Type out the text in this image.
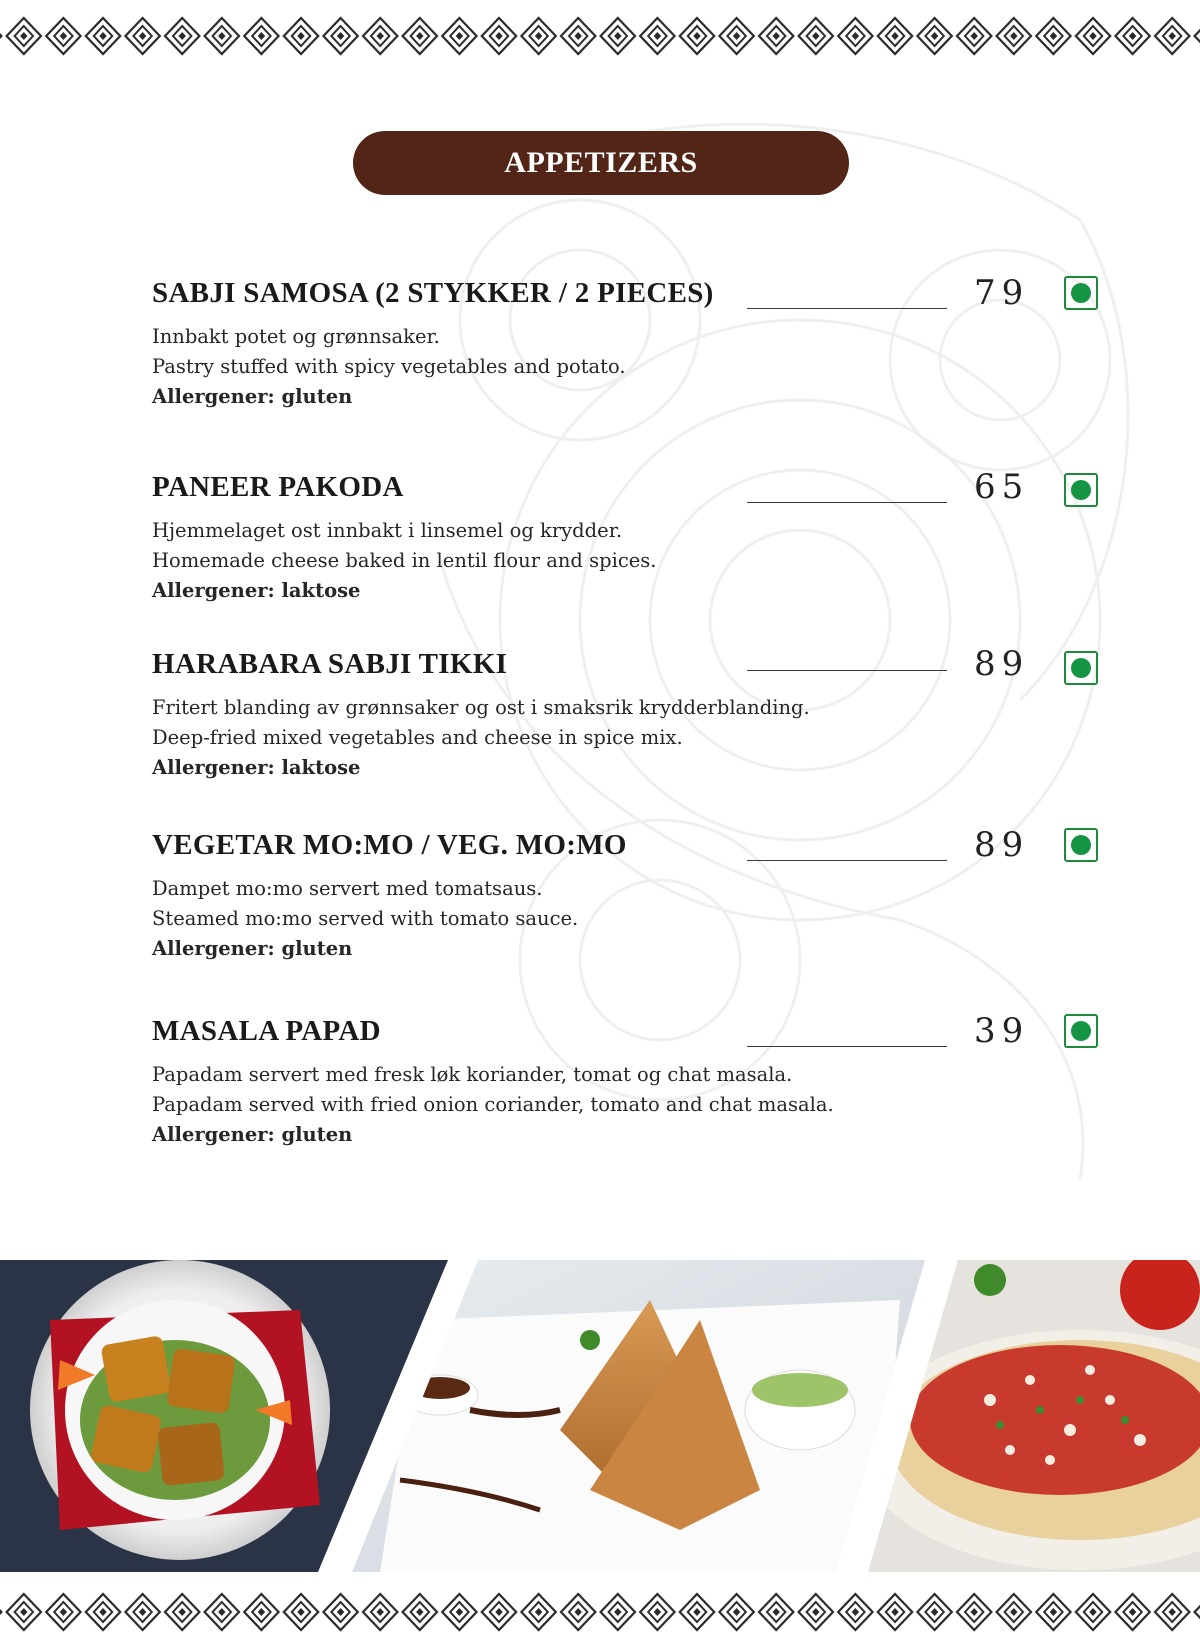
APPETIZERS
SABJI SAMOSA (2 STYKKER / 2 PIECES)	79
Innbakt potet og grønnsaker.
Pastry stuffed with spicy vegetables and potato.
Allergener: gluten
PANEER PAKODA	65
Hjemmelaget ost innbakt i linsemel og krydder.
Homemade cheese baked in lentil flour and spices.
Allergener: laktose
HARABARA SABJI TIKKI	89
Fritert blanding av grønnsaker og ost i smaksrik krydderblanding.
Deep-fried mixed vegetables and cheese in spice mix.
Allergener: laktose
VEGETAR MO:MO / VEG. MO:MO	89
Dampet mo:mo servert med tomatsaus.
Steamed mo:mo served with tomato sauce.
Allergener: gluten
MASALA PAPAD	39
Papadam servert med fresk løk koriander, tomat og chat masala.
Papadam served with fried onion coriander, tomato and chat masala.
Allergener: gluten
